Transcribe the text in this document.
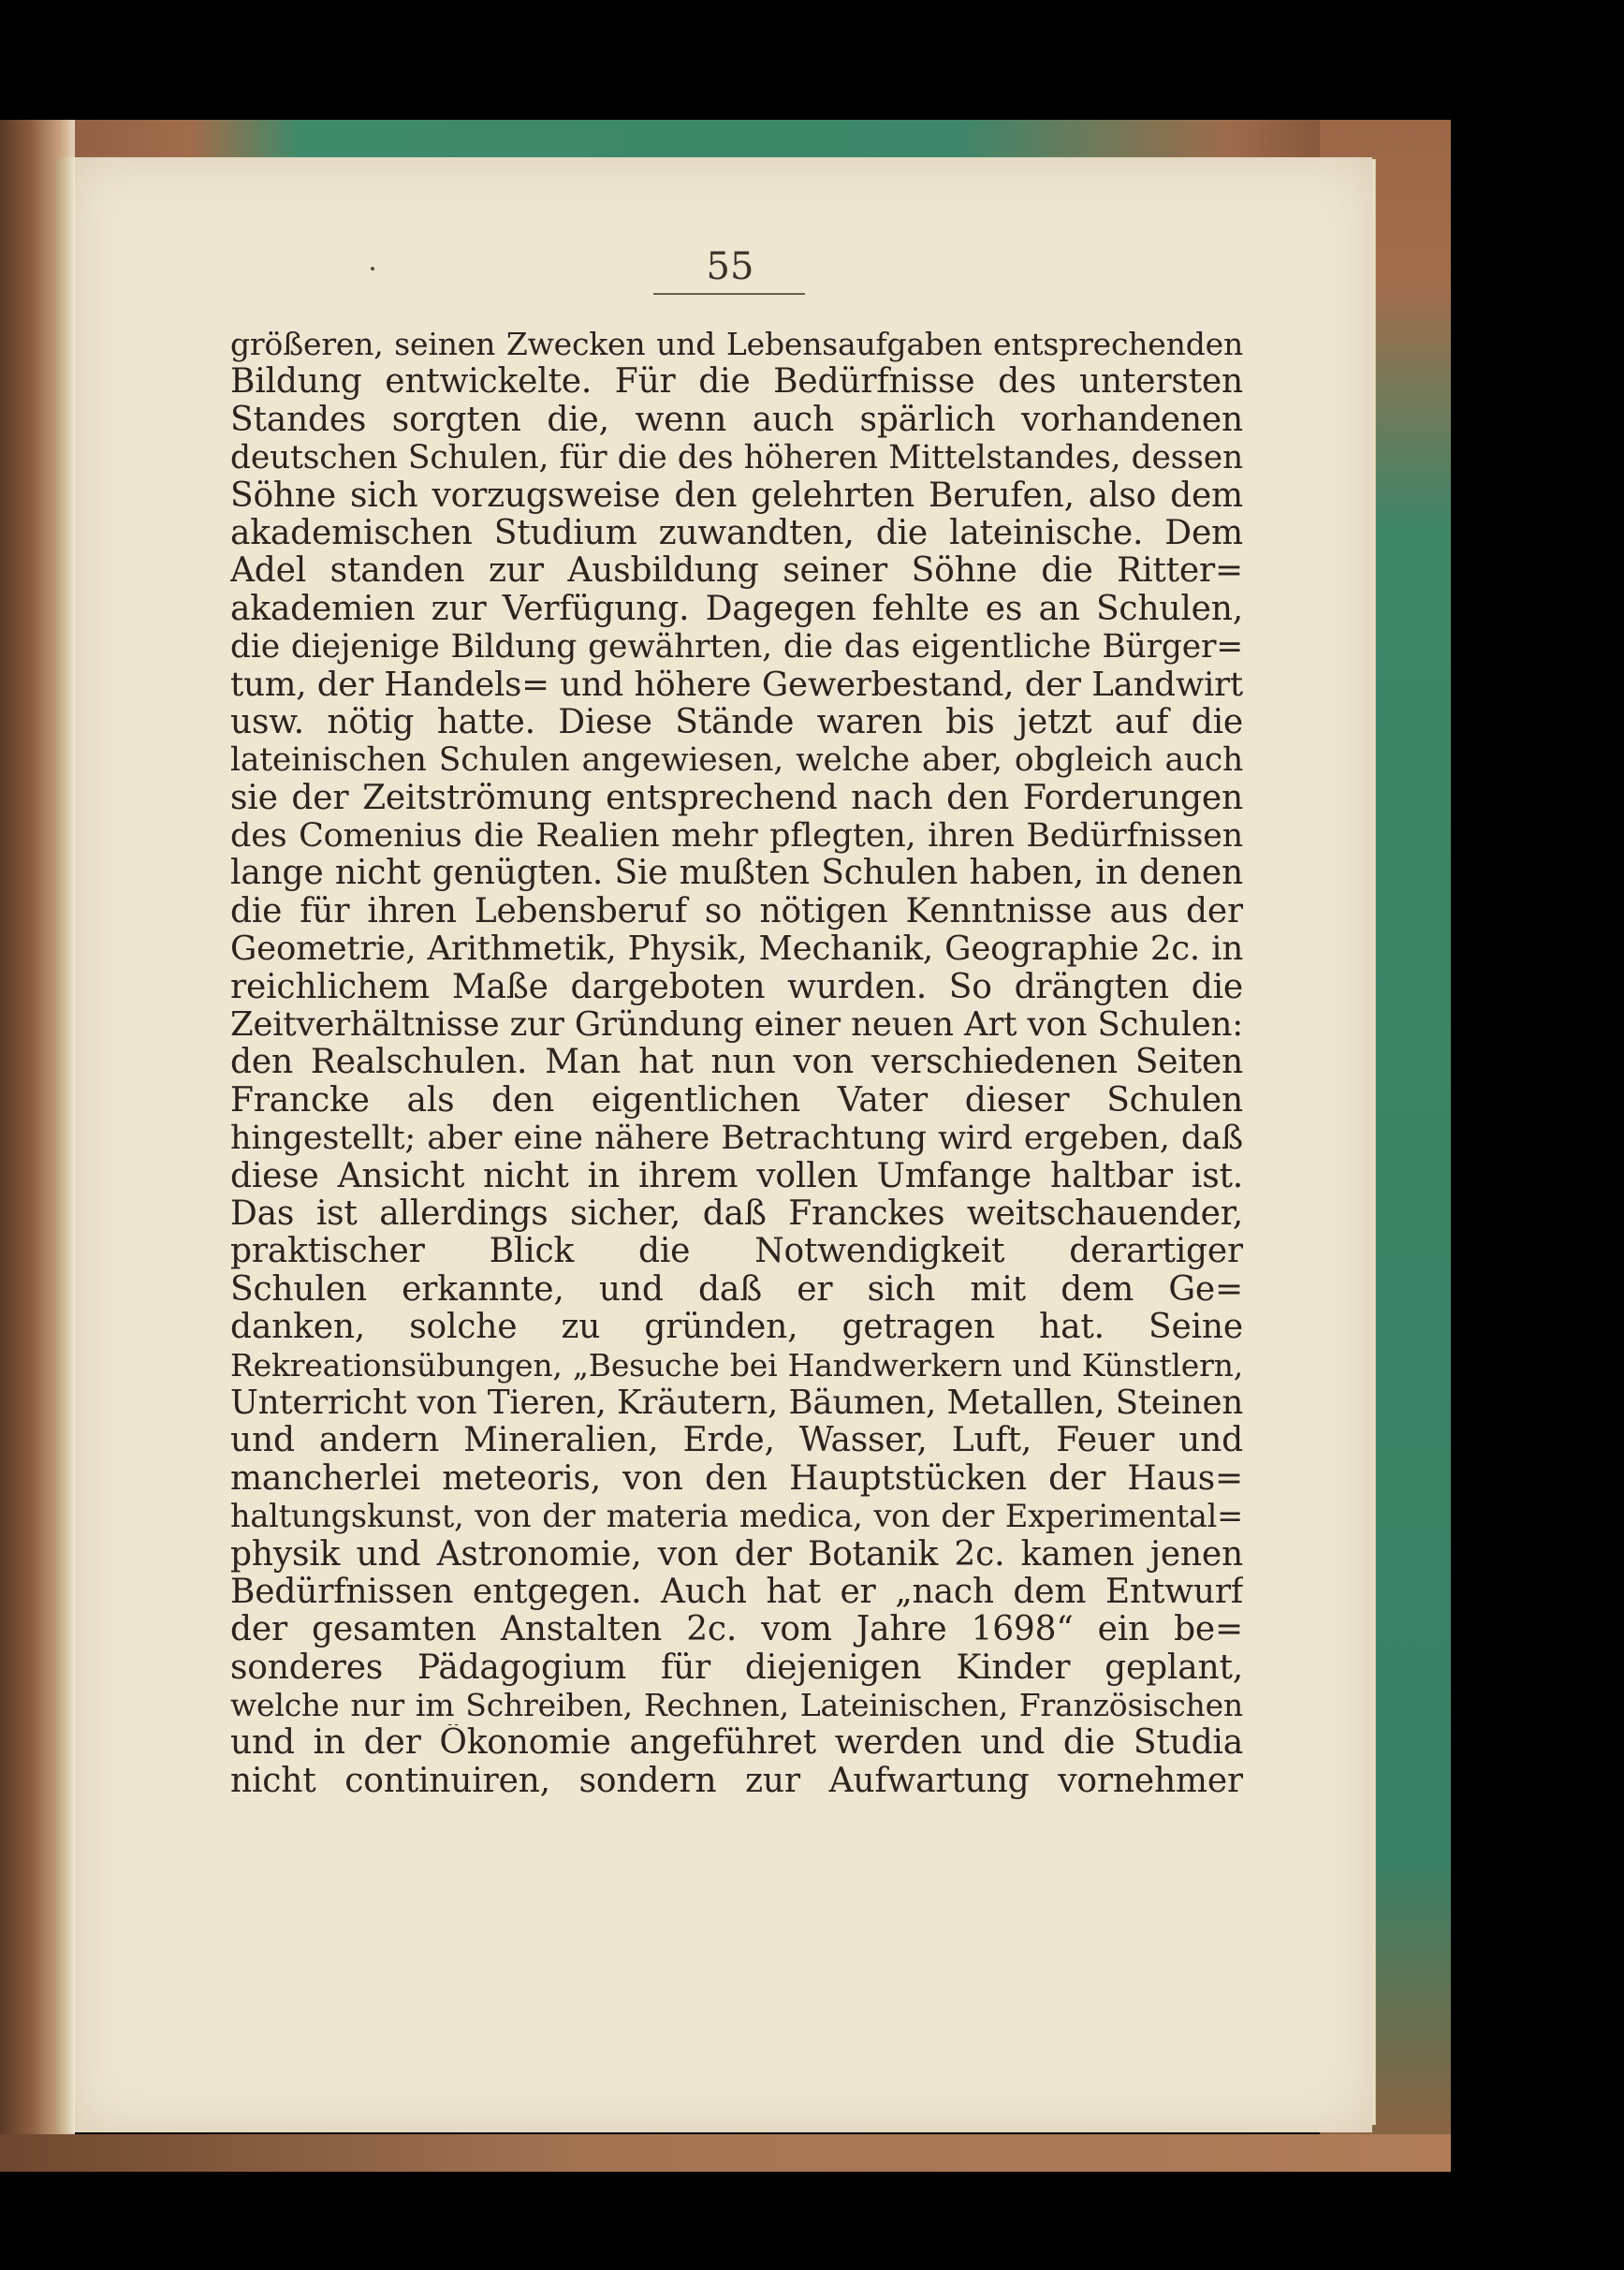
55
größeren, seinen Zwecken und Lebensaufgaben entsprechenden
Bildung entwickelte. Für die Bedürfnisse des untersten
Standes sorgten die, wenn auch spärlich vorhandenen
deutschen Schulen, für die des höheren Mittelstandes, dessen
Söhne sich vorzugsweise den gelehrten Berufen, also dem
akademischen Studium zuwandten, die lateinische. Dem
Adel standen zur Ausbildung seiner Söhne die Ritter=
akademien zur Verfügung. Dagegen fehlte es an Schulen,
die diejenige Bildung gewährten, die das eigentliche Bürger=
tum, der Handels= und höhere Gewerbestand, der Landwirt
usw. nötig hatte. Diese Stände waren bis jetzt auf die
lateinischen Schulen angewiesen, welche aber, obgleich auch
sie der Zeitströmung entsprechend nach den Forderungen
des Comenius die Realien mehr pflegten, ihren Bedürfnissen
lange nicht genügten. Sie mußten Schulen haben, in denen
die für ihren Lebensberuf so nötigen Kenntnisse aus der
Geometrie, Arithmetik, Physik, Mechanik, Geographie 2c. in
reichlichem Maße dargeboten wurden. So drängten die
Zeitverhältnisse zur Gründung einer neuen Art von Schulen:
den Realschulen. Man hat nun von verschiedenen Seiten
Francke als den eigentlichen Vater dieser Schulen
hingestellt; aber eine nähere Betrachtung wird ergeben, daß
diese Ansicht nicht in ihrem vollen Umfange haltbar ist.
Das ist allerdings sicher, daß Franckes weitschauender,
praktischer Blick die Notwendigkeit derartiger
Schulen erkannte, und daß er sich mit dem Ge=
danken, solche zu gründen, getragen hat. Seine
Rekreationsübungen, „Besuche bei Handwerkern und Künstlern,
Unterricht von Tieren, Kräutern, Bäumen, Metallen, Steinen
und andern Mineralien, Erde, Wasser, Luft, Feuer und
mancherlei meteoris, von den Hauptstücken der Haus=
haltungskunst, von der materia medica, von der Experimental=
physik und Astronomie, von der Botanik 2c. kamen jenen
Bedürfnissen entgegen. Auch hat er „nach dem Entwurf
der gesamten Anstalten 2c. vom Jahre 1698“ ein be=
sonderes Pädagogium für diejenigen Kinder geplant,
welche nur im Schreiben, Rechnen, Lateinischen, Französischen
und in der Ökonomie angeführet werden und die Studia
nicht continuiren, sondern zur Aufwartung vornehmer
